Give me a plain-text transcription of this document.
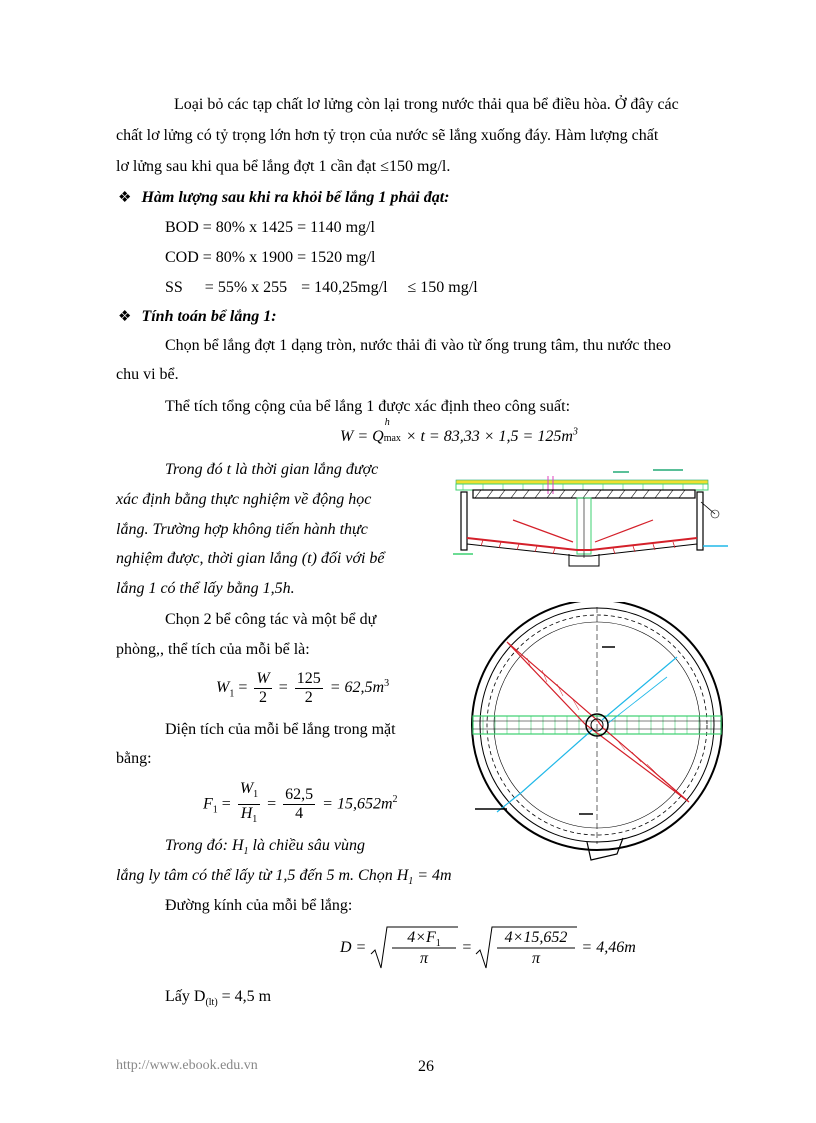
Loại bỏ các tạp chất lơ lửng còn lại trong nước thải qua bể điều hòa. Ở đây các
chất lơ lửng có tỷ trọng lớn hơn tỷ trọn của nước sẽ lắng xuống đáy. Hàm lượng chất
lơ lửng sau khi qua bể lắng đợt 1 cần đạt ≤150 mg/l.
❖ Hàm lượng sau khi ra khỏi bể lắng 1 phải đạt:
BOD = 80% x 1425 = 1140 mg/l
COD = 80% x 1900 = 1520 mg/l
SS = 55% x 255 = 140,25mg/l ≤ 150 mg/l
❖ Tính toán bể lắng 1:
Chọn bể lắng đợt 1 dạng tròn, nước thải đi vào từ ống trung tâm, thu nước theo
chu vi bể.
Thể tích tổng cộng của bể lắng 1 được xác định theo công suất:
W = Q
h
$\max \times t = 83,33 \times 1,5 = 125m^3$
Trong đó t là thời gian lắng được
xác định bằng thực nghiệm về động học
lắng. Trường hợp không tiến hành thực
nghiệm được, thời gian lắng (t) đối với bể
lắng 1 có thể lấy bằng 1,5h.
Chọn 2 bể công tác và một bể dự
phòng,, thể tích của mỗi bể là:
$W_1 = \frac{W}{2} = \frac{125}{2} = 62,5m^3$
Diện tích của mỗi bể lắng trong mặt
bằng:
$F_1 = \frac{W_1}{H_1} = \frac{62,5}{4} = 15,652m^2$
Trong đó: $H_1$ là chiều sâu vùng
lắng ly tâm có thể lấy từ 1,5 đến 5 m. Chọn $H_1 = 4m$
Đường kính của mỗi bể lắng:
D =
$4\times F_1$
π
=
4×15,652
π
= 4,46m
Lấy $D_{(lt)} = 4,5$ m
http://www.ebook.edu.vn	26
